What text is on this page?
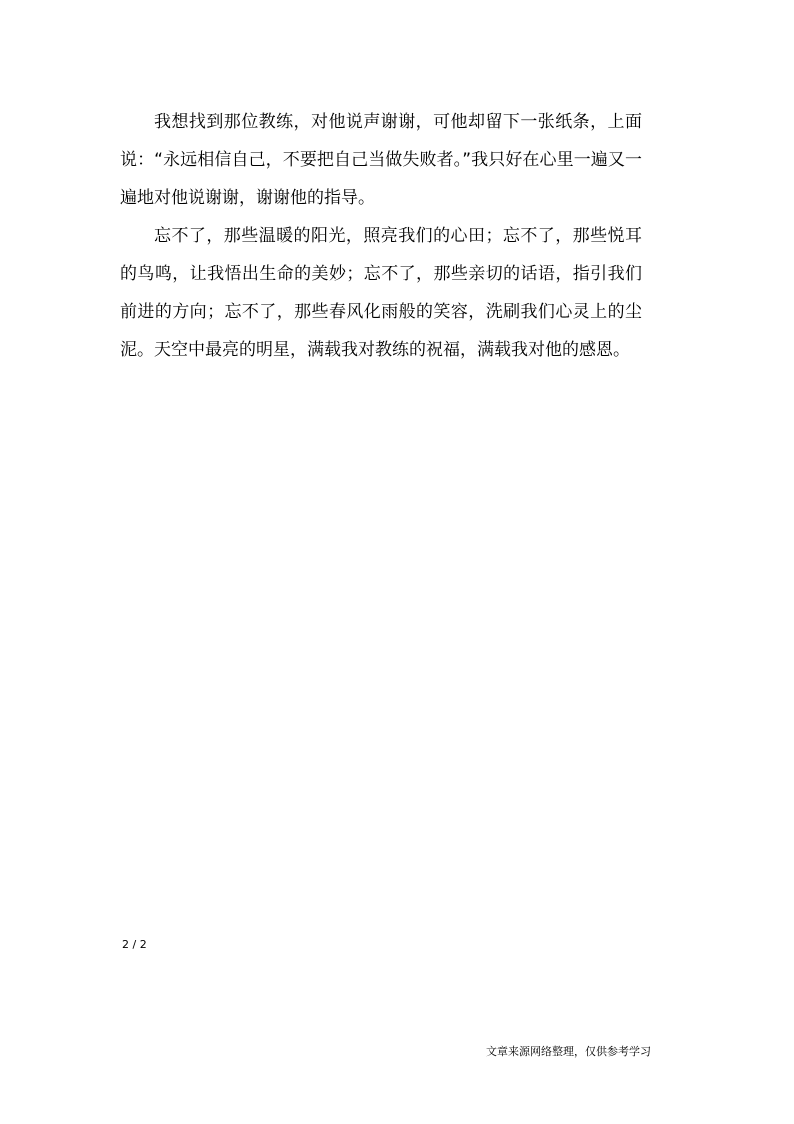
我想找到那位教练，对他说声谢谢，可他却留下一张纸条，上面说：“永远相信自己，不要把自己当做失败者。”我只好在心里一遍又一遍地对他说谢谢，谢谢他的指导。

忘不了，那些温暖的阳光，照亮我们的心田；忘不了，那些悦耳的鸟鸣，让我悟出生命的美妙；忘不了，那些亲切的话语，指引我们前进的方向；忘不了，那些春风化雨般的笑容，洗刷我们心灵上的尘泥。天空中最亮的明星，满载我对教练的祝福，满载我对他的感恩。

2 / 2
文章来源网络整理，仅供参考学习
